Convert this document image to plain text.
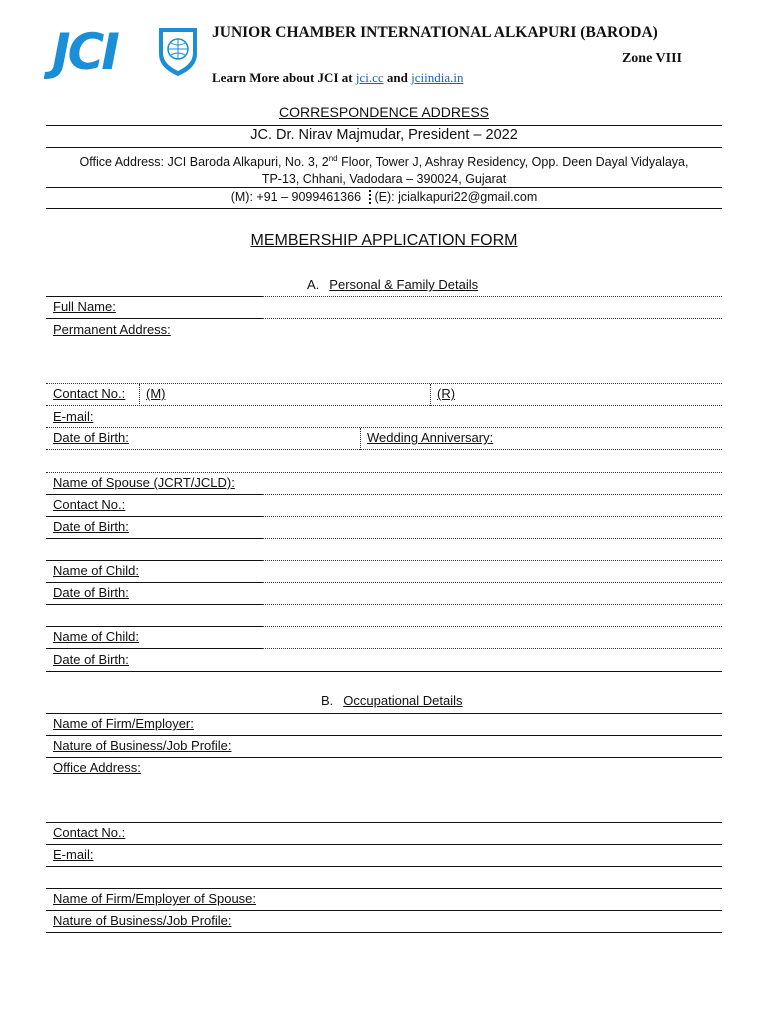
JCI	JUNIOR CHAMBER INTERNATIONAL ALKAPURI (BARODA)
Zone VIII
Learn More about JCI at jci.cc and jciindia.in
CORRESPONDENCE ADDRESS
JC. Dr. Nirav Majmudar, President – 2022
Office Address: JCI Baroda Alkapuri, No. 3, 2nd Floor, Tower J, Ashray Residency, Opp. Deen Dayal Vidyalaya,
TP-13, Chhani, Vadodara – 390024, Gujarat
(M): +91 – 9099461366 (E): jcialkapuri22@gmail.com
MEMBERSHIP APPLICATION FORM
A. Personal & Family Details
Full Name:
Permanent Address:
Contact No.: (M)	(R)
E-mail:
Date of Birth:	Wedding Anniversary:
Name of Spouse (JCRT/JCLD):
Contact No.:
Date of Birth:
Name of Child:
Date of Birth:
Name of Child:
Date of Birth:
B. Occupational Details
Name of Firm/Employer:
Nature of Business/Job Profile:
Office Address:
Contact No.:
E-mail:
Name of Firm/Employer of Spouse:
Nature of Business/Job Profile:
